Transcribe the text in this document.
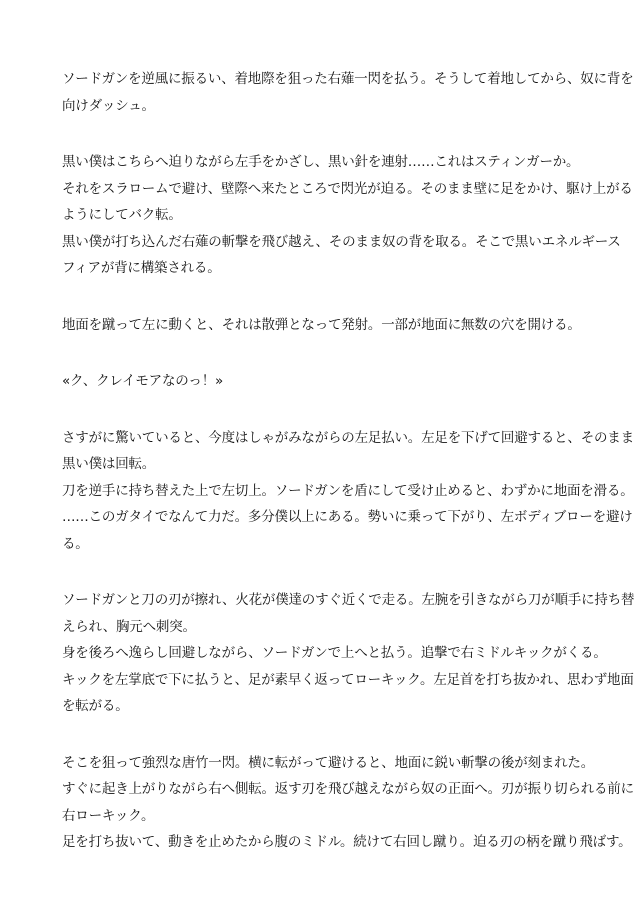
ソードガンを逆風に振るい、着地際を狙った右薙一閃を払う。そうして着地してから、奴に背を
向けダッシュ。
黒い僕はこちらへ迫りながら左手をかざし、黒い針を連射……これはスティンガーか。
それをスラロームで避け、壁際へ来たところで閃光が迫る。そのまま壁に足をかけ、駆け上がる
ようにしてバク転。
黒い僕が打ち込んだ右薙の斬撃を飛び越え、そのまま奴の背を取る。そこで黒いエネルギース
フィアが背に構築される。
地面を蹴って左に動くと、それは散弾となって発射。一部が地面に無数の穴を開ける。
«ク、クレイモアなのっ！»
さすがに驚いていると、今度はしゃがみながらの左足払い。左足を下げて回避すると、そのまま
黒い僕は回転。
刀を逆手に持ち替えた上で左切上。ソードガンを盾にして受け止めると、わずかに地面を滑る。
……このガタイでなんて力だ。多分僕以上にある。勢いに乗って下がり、左ボディブローを避け
る。
ソードガンと刀の刃が擦れ、火花が僕達のすぐ近くで走る。左腕を引きながら刀が順手に持ち替
えられ、胸元へ刺突。
身を後ろへ逸らし回避しながら、ソードガンで上へと払う。追撃で右ミドルキックがくる。
キックを左掌底で下に払うと、足が素早く返ってローキック。左足首を打ち抜かれ、思わず地面
を転がる。
そこを狙って強烈な唐竹一閃。横に転がって避けると、地面に鋭い斬撃の後が刻まれた。
すぐに起き上がりながら右へ側転。返す刃を飛び越えながら奴の正面へ。刃が振り切られる前に
右ローキック。
足を打ち抜いて、動きを止めたから腹のミドル。続けて右回し蹴り。迫る刃の柄を蹴り飛ばす。
